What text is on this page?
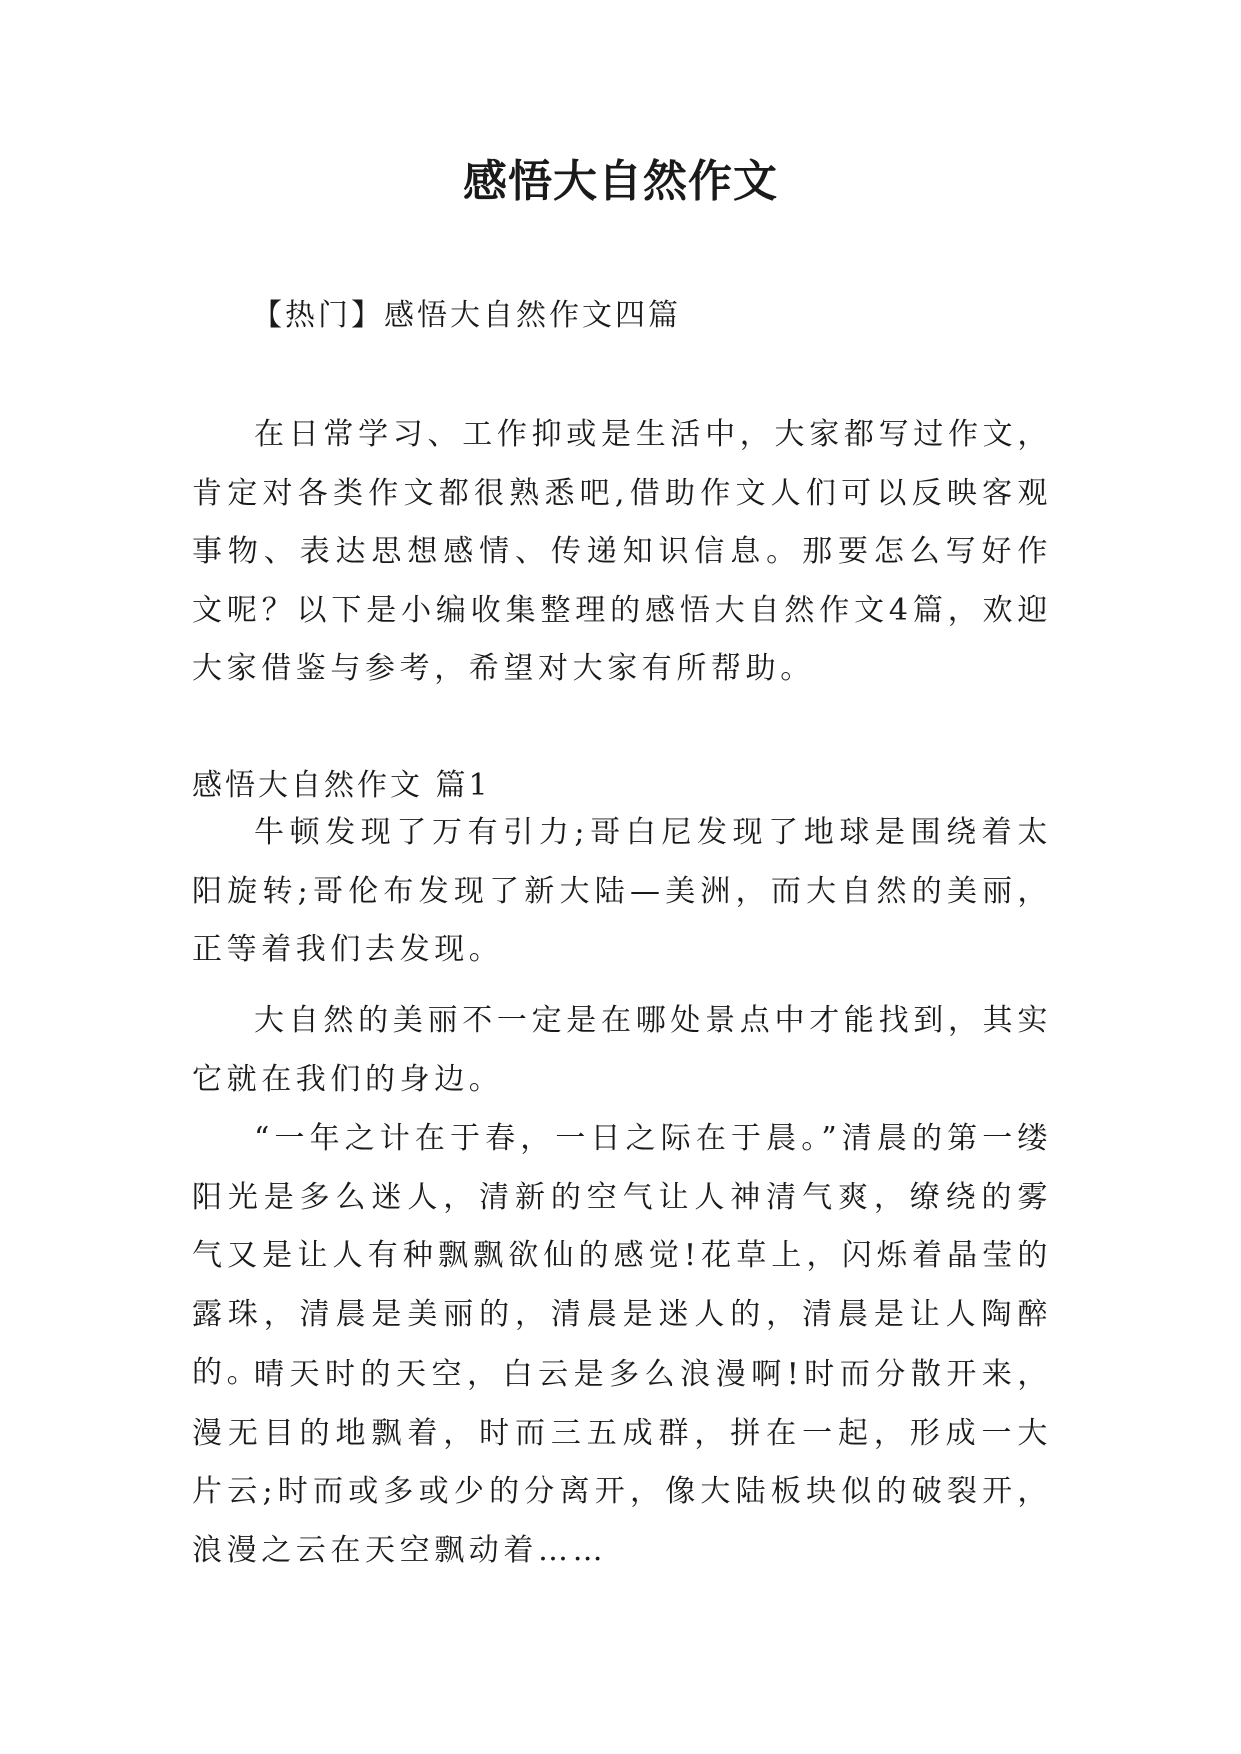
感悟大自然作文

【热门】感悟大自然作文四篇

在日常学习、工作抑或是生活中，大家都写过作文，肯定对各类作文都很熟悉吧,借助作文人们可以反映客观事物、表达思想感情、传递知识信息。那要怎么写好作文呢？以下是小编收集整理的感悟大自然作文4篇，欢迎大家借鉴与参考，希望对大家有所帮助。

感悟大自然作文 篇1

牛顿发现了万有引力;哥白尼发现了地球是围绕着太阳旋转;哥伦布发现了新大陆—美洲，而大自然的美丽，正等着我们去发现。

大自然的美丽不一定是在哪处景点中才能找到，其实它就在我们的身边。

“一年之计在于春，一日之际在于晨。”清晨的第一缕阳光是多么迷人，清新的空气让人神清气爽，缭绕的雾气又是让人有种飘飘欲仙的感觉!花草上，闪烁着晶莹的露珠，清晨是美丽的，清晨是迷人的，清晨是让人陶醉的。

晴天时的天空，白云是多么浪漫啊!时而分散开来，漫无目的地飘着，时而三五成群，拼在一起，形成一大片云;时而或多或少的分离开，像大陆板块似的破裂开，浪漫之云在天空飘动着……
